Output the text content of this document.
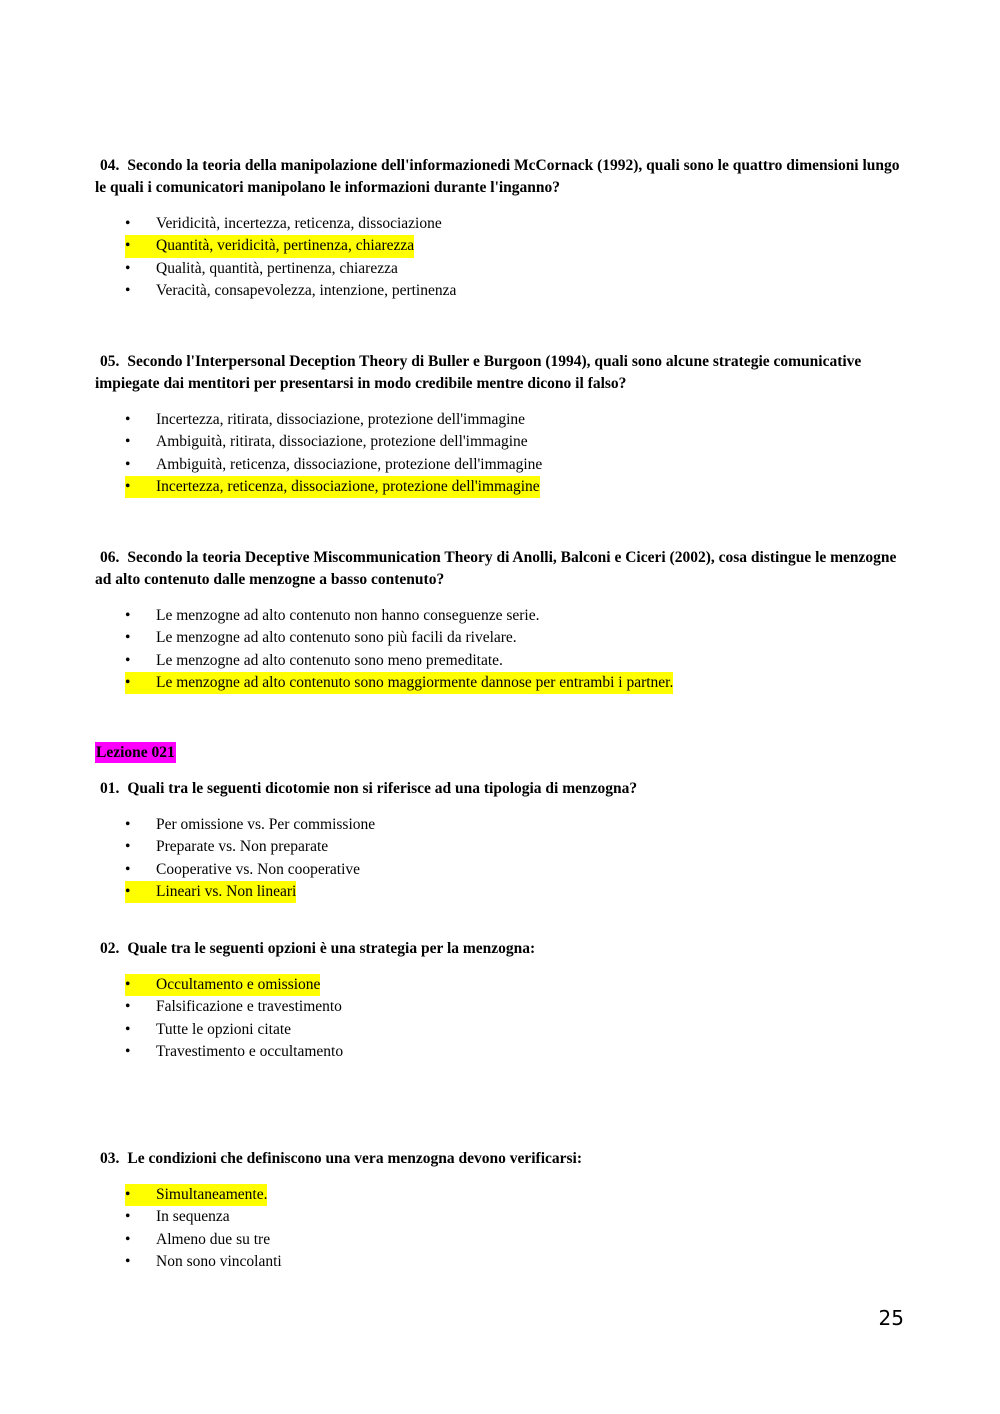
04. Secondo la teoria della manipolazione dell'informazionedi McCornack (1992), quali sono le quattro dimensioni lungo le quali i comunicatori manipolano le informazioni durante l'inganno?

•	Veridicità, incertezza, reticenza, dissociazione
•	Quantità, veridicità, pertinenza, chiarezza
•	Qualità, quantità, pertinenza, chiarezza
•	Veracità, consapevolezza, intenzione, pertinenza

05. Secondo l'Interpersonal Deception Theory di Buller e Burgoon (1994), quali sono alcune strategie comunicative impiegate dai mentitori per presentarsi in modo credibile mentre dicono il falso?

•	Incertezza, ritirata, dissociazione, protezione dell'immagine
•	Ambiguità, ritirata, dissociazione, protezione dell'immagine
•	Ambiguità, reticenza, dissociazione, protezione dell'immagine
•	Incertezza, reticenza, dissociazione, protezione dell'immagine

06. Secondo la teoria Deceptive Miscommunication Theory di Anolli, Balconi e Ciceri (2002), cosa distingue le menzogne ad alto contenuto dalle menzogne a basso contenuto?

•	Le menzogne ad alto contenuto non hanno conseguenze serie.
•	Le menzogne ad alto contenuto sono più facili da rivelare.
•	Le menzogne ad alto contenuto sono meno premeditate.
•	Le menzogne ad alto contenuto sono maggiormente dannose per entrambi i partner.
Lezione 021

01. Quali tra le seguenti dicotomie non si riferisce ad una tipologia di menzogna?

•	Per omissione vs. Per commissione
•	Preparate vs. Non preparate
•	Cooperative vs. Non cooperative
•	Lineari vs. Non lineari

02. Quale tra le seguenti opzioni è una strategia per la menzogna:

•	Occultamento e omissione
•	Falsificazione e travestimento
•	Tutte le opzioni citate
•	Travestimento e occultamento

03. Le condizioni che definiscono una vera menzogna devono verificarsi:

•	Simultaneamente.
•	In sequenza
•	Almeno due su tre
•	Non sono vincolanti
25
